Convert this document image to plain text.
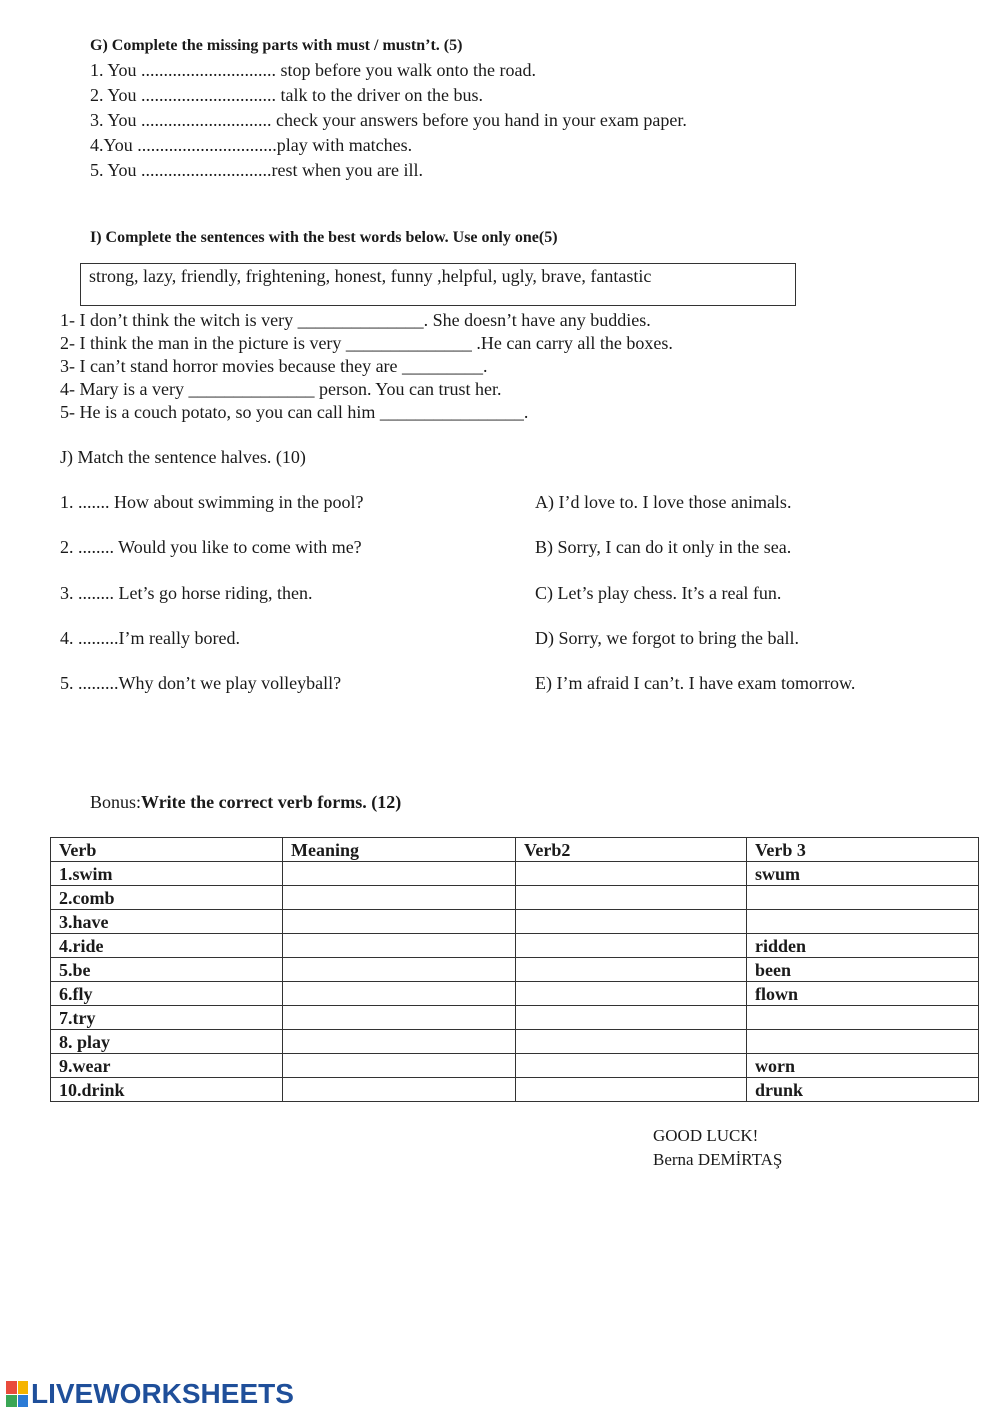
G) Complete the missing parts with must / mustn’t. (5)
1. You .............................. stop before you walk onto the road.
2. You .............................. talk to the driver on the bus.
3. You ............................. check your answers before you hand in your exam paper.
4.You ...............................play with matches.
5. You .............................rest when you are ill.
I) Complete the sentences with the best words below. Use only one(5)
strong, lazy, friendly, frightening, honest, funny ,helpful, ugly, brave, fantastic
1- I don’t think the witch is very ______________. She doesn’t have any buddies.
2- I think the man in the picture is very ______________ .He can carry all the boxes.
3- I can’t stand horror movies because they are _________.
4- Mary is a very ______________ person. You can trust her.
5- He is a couch potato, so you can call him ________________.
J) Match the sentence halves. (10)
1. ....... How about swimming in the pool?
2. ........ Would you like to come with me?
3. ........ Let’s go horse riding, then.
4. .........I’m really bored.
5. .........Why don’t we play volleyball?
A) I’d love to. I love those animals.
B) Sorry, I can do it only in the sea.
C) Let’s play chess. It’s a real fun.
D) Sorry, we forgot to bring the ball.
E) I’m afraid I can’t. I have exam tomorrow.
Bonus:Write the correct verb forms. (12)
Verb	Meaning	Verb2	Verb 3
1.swim			swum
2.comb			
3.have			
4.ride			ridden
5.be			been
6.fly			flown
7.try			
8. play			
9.wear			worn
10.drink			drunk
GOOD LUCK!
Berna DEMİRTAŞ
LIVEWORKSHEETS
